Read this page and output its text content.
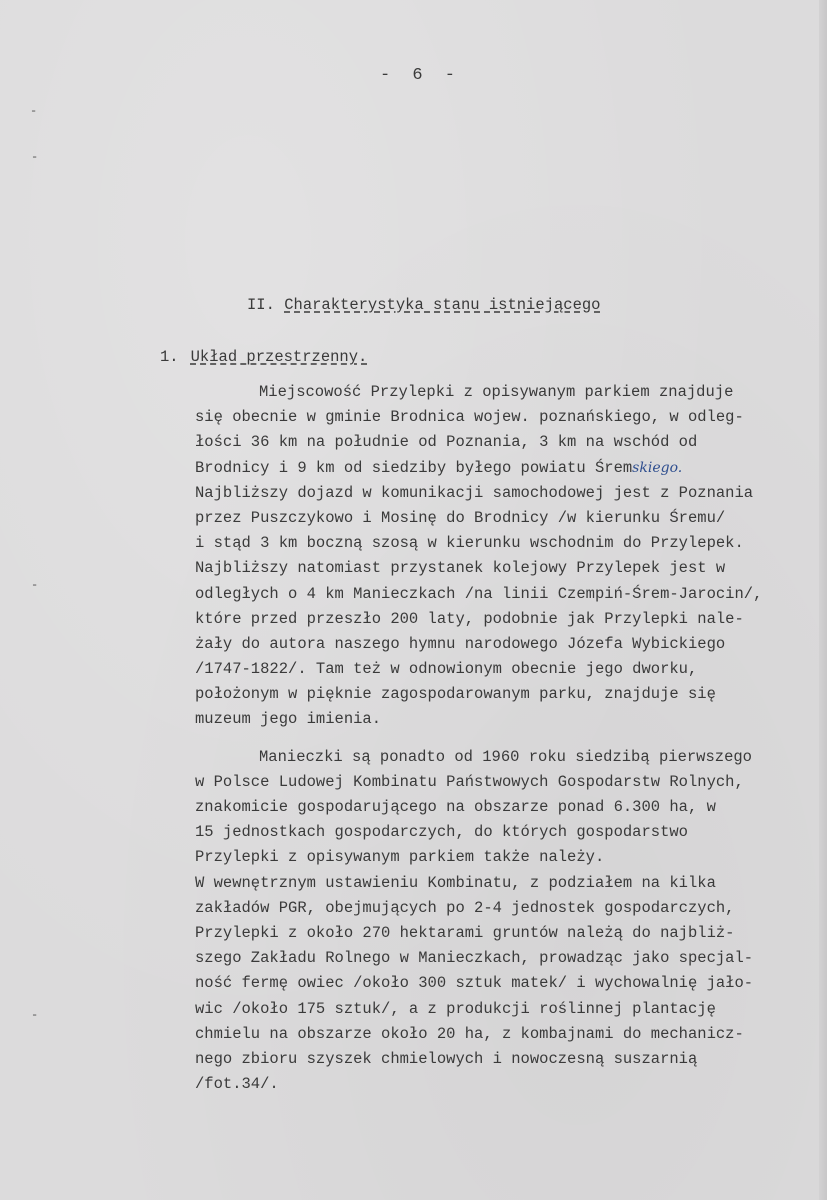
‑
‑
‑
‑
- 6 -
II. Charakterystyka stanu istniejącego
1. Układ przestrzenny.
Miejscowość Przylepki z opisywanym parkiem znajduje
się obecnie w gminie Brodnica wojew. poznańskiego, w odleg-
łości 36 km na południe od Poznania, 3 km na wschód od
Brodnicy i 9 km od siedziby byłego powiatu Śremskiego.
Najbliższy dojazd w komunikacji samochodowej jest z Poznania
przez Puszczykowo i Mosinę do Brodnicy /w kierunku Śremu/
i stąd 3 km boczną szosą w kierunku wschodnim do Przylepek.
Najbliższy natomiast przystanek kolejowy Przylepek jest w
odległych o 4 km Manieczkach /na linii Czempiń-Śrem-Jarocin/,
które przed przeszło 200 laty, podobnie jak Przylepki nale-
żały do autora naszego hymnu narodowego Józefa Wybickiego
/1747-1822/. Tam też w odnowionym obecnie jego dworku,
położonym w pięknie zagospodarowanym parku, znajduje się
muzeum jego imienia.
Manieczki są ponadto od 1960 roku siedzibą pierwszego
w Polsce Ludowej Kombinatu Państwowych Gospodarstw Rolnych,
znakomicie gospodarującego na obszarze ponad 6.300 ha, w
15 jednostkach gospodarczych, do których gospodarstwo
Przylepki z opisywanym parkiem także należy.
W wewnętrznym ustawieniu Kombinatu, z podziałem na kilka
zakładów PGR, obejmujących po 2-4 jednostek gospodarczych,
Przylepki z około 270 hektarami gruntów należą do najbliż-
szego Zakładu Rolnego w Manieczkach, prowadząc jako specjal-
ność fermę owiec /około 300 sztuk matek/ i wychowalnię jało-
wic /około 175 sztuk/, a z produkcji roślinnej plantację
chmielu na obszarze około 20 ha, z kombajnami do mechanicz-
nego zbioru szyszek chmielowych i nowoczesną suszarnią
/fot.34/.
